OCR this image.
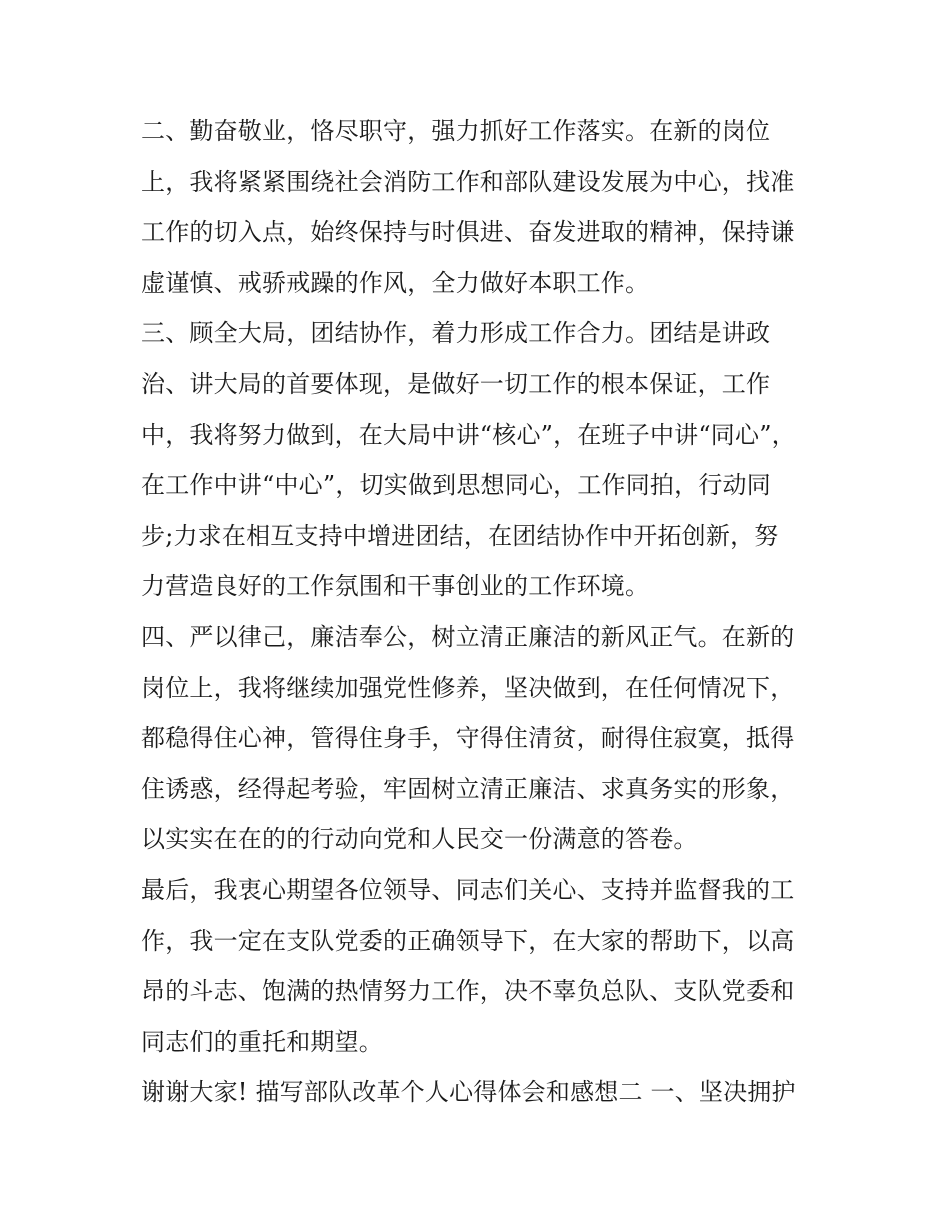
二、勤奋敬业，恪尽职守，强力抓好工作落实。在新的岗位
上，我将紧紧围绕社会消防工作和部队建设发展为中心，找准
工作的切入点，始终保持与时俱进、奋发进取的精神，保持谦
虚谨慎、戒骄戒躁的作风，全力做好本职工作。
三、顾全大局，团结协作，着力形成工作合力。团结是讲政
治、讲大局的首要体现，是做好一切工作的根本保证，工作
中，我将努力做到，在大局中讲“核心”，在班子中讲“同心”，
在工作中讲“中心”，切实做到思想同心，工作同拍，行动同
步;力求在相互支持中增进团结，在团结协作中开拓创新，努
力营造良好的工作氛围和干事创业的工作环境。
四、严以律己，廉洁奉公，树立清正廉洁的新风正气。在新的
岗位上，我将继续加强党性修养，坚决做到，在任何情况下，
都稳得住心神，管得住身手，守得住清贫，耐得住寂寞，抵得
住诱惑，经得起考验，牢固树立清正廉洁、求真务实的形象，
以实实在在的的行动向党和人民交一份满意的答卷。
最后，我衷心期望各位领导、同志们关心、支持并监督我的工
作，我一定在支队党委的正确领导下，在大家的帮助下，以高
昂的斗志、饱满的热情努力工作，决不辜负总队、支队党委和
同志们的重托和期望。
谢谢大家! 描写部队改革个人心得体会和感想二 一、坚决拥护
